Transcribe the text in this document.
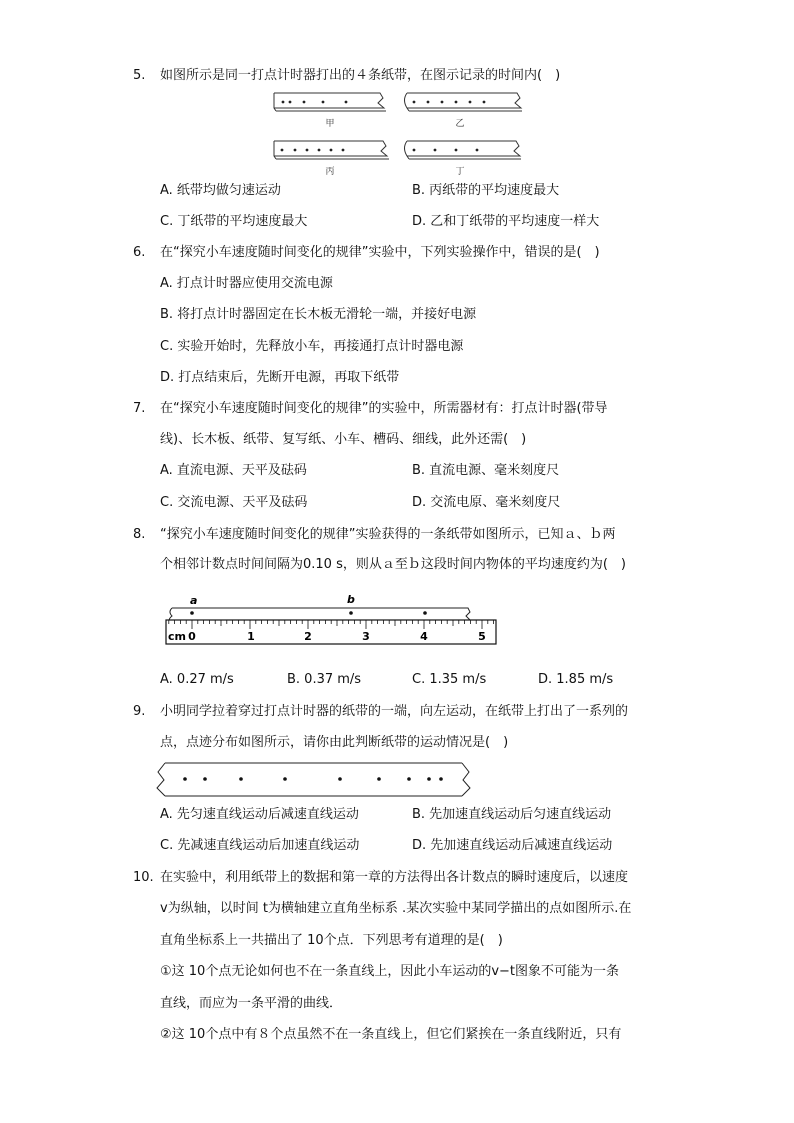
5. 如图所示是同一打点计时器打出的４条纸带，在图示记录的时间内(　)
甲	乙
丙	丁
A. 纸带均做匀速运动	B. 丙纸带的平均速度最大
C. 丁纸带的平均速度最大	D. 乙和丁纸带的平均速度一样大
6. 在“探究小车速度随时间变化的规律”实验中，下列实验操作中，错误的是(　)
A. 打点计时器应使用交流电源
B. 将打点计时器固定在长木板无滑轮一端，并接好电源
C. 实验开始时，先释放小车，再接通打点计时器电源
D. 打点结束后，先断开电源，再取下纸带
7. 在“探究小车速度随时间变化的规律”的实验中，所需器材有：打点计时器(带导
线)、长木板、纸带、复写纸、小车、槽码、细线，此外还需(　)
A. 直流电源、天平及砝码	B. 直流电源、毫米刻度尺
C. 交流电源、天平及砝码	D. 交流电原、毫米刻度尺
8. “探究小车速度随时间变化的规律”实验获得的一条纸带如图所示，已知ａ、ｂ两
个相邻计数点时间间隔为0.10 s，则从ａ至ｂ这段时间内物体的平均速度约为(　)
a	b
cm 0	1	2	3	4	5
A. 0.27 m/s	B. 0.37 m/s	C. 1.35 m/s	D. 1.85 m/s
9. 小明同学拉着穿过打点计时器的纸带的一端，向左运动，在纸带上打出了一系列的
点，点迹分布如图所示，请你由此判断纸带的运动情况是(　)
A. 先匀速直线运动后减速直线运动	B. 先加速直线运动后匀速直线运动
C. 先减速直线运动后加速直线运动	D. 先加速直线运动后减速直线运动
10. 在实验中，利用纸带上的数据和第一章的方法得出各计数点的瞬时速度后，以速度
v为纵轴，以时间 t为横轴建立直角坐标系 .某次实验中某同学描出的点如图所示.在
直角坐标系上一共描出了 10个点．下列思考有道理的是(　)
①这 10个点无论如何也不在一条直线上，因此小车运动的v−t图象不可能为一条
直线，而应为一条平滑的曲线．
②这 10个点中有８个点虽然不在一条直线上，但它们紧挨在一条直线附近，只有
